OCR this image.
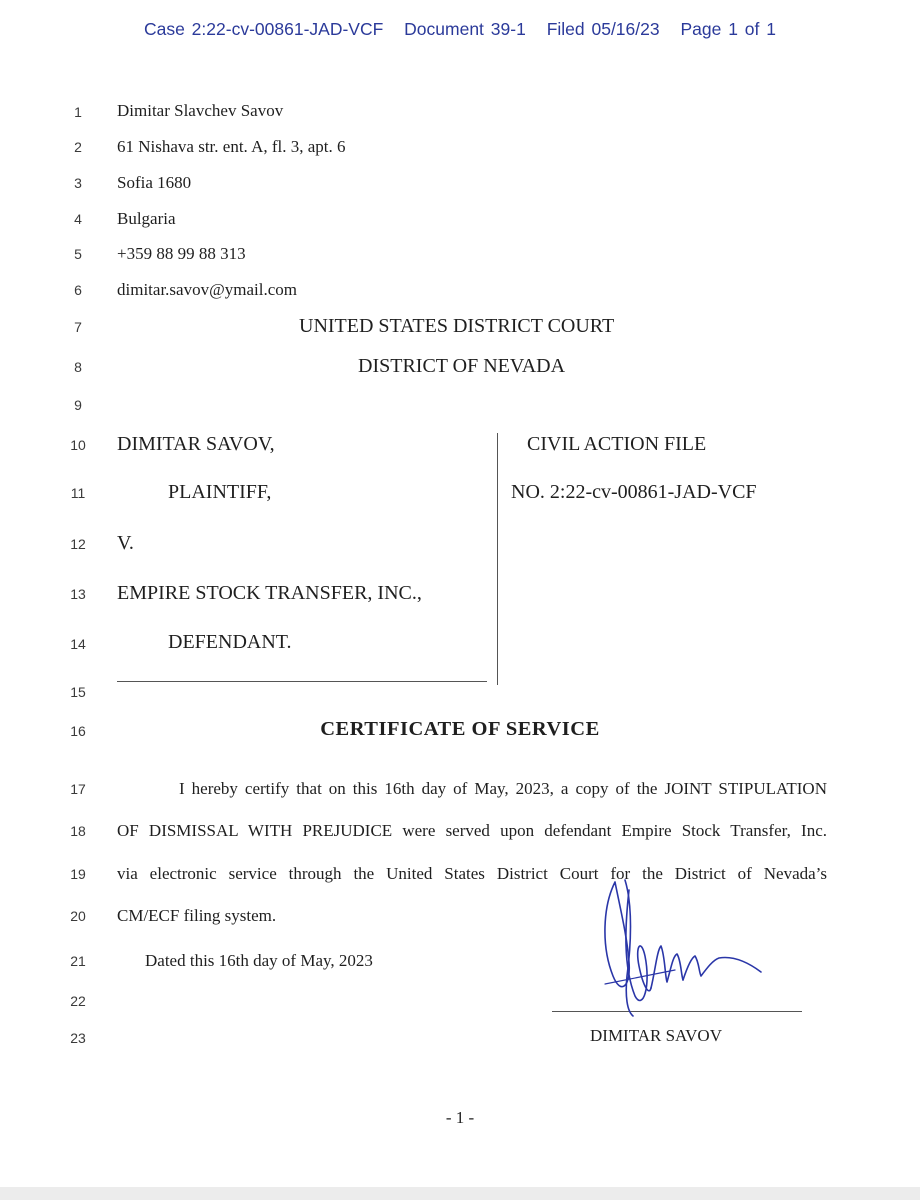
Case 2:22-cv-00861-JAD-VCF Document 39-1 Filed 05/16/23 Page 1 of 1
1
2
3
4
5
6
7
8
9
10
11
12
13
14
15
16
17
18
19
20
21
22
23
Dimitar Slavchev Savov
61 Nishava str. ent. A, fl. 3, apt. 6
Sofia 1680
Bulgaria
+359 88 99 88 313
dimitar.savov@ymail.com
UNITED STATES DISTRICT COURT
DISTRICT OF NEVADA
DIMITAR SAVOV,
PLAINTIFF,
V.
EMPIRE STOCK TRANSFER, INC.,
DEFENDANT.
CIVIL ACTION FILE
NO. 2:22-cv-00861-JAD-VCF
CERTIFICATE OF SERVICE
I hereby certify that on this 16th day of May, 2023, a copy of the JOINT STIPULATION
OF DISMISSAL WITH PREJUDICE were served upon defendant Empire Stock Transfer, Inc.
via electronic service through the United States District Court for the District of Nevada’s
CM/ECF filing system.
Dated this 16th day of May, 2023
DIMITAR SAVOV
- 1 -
